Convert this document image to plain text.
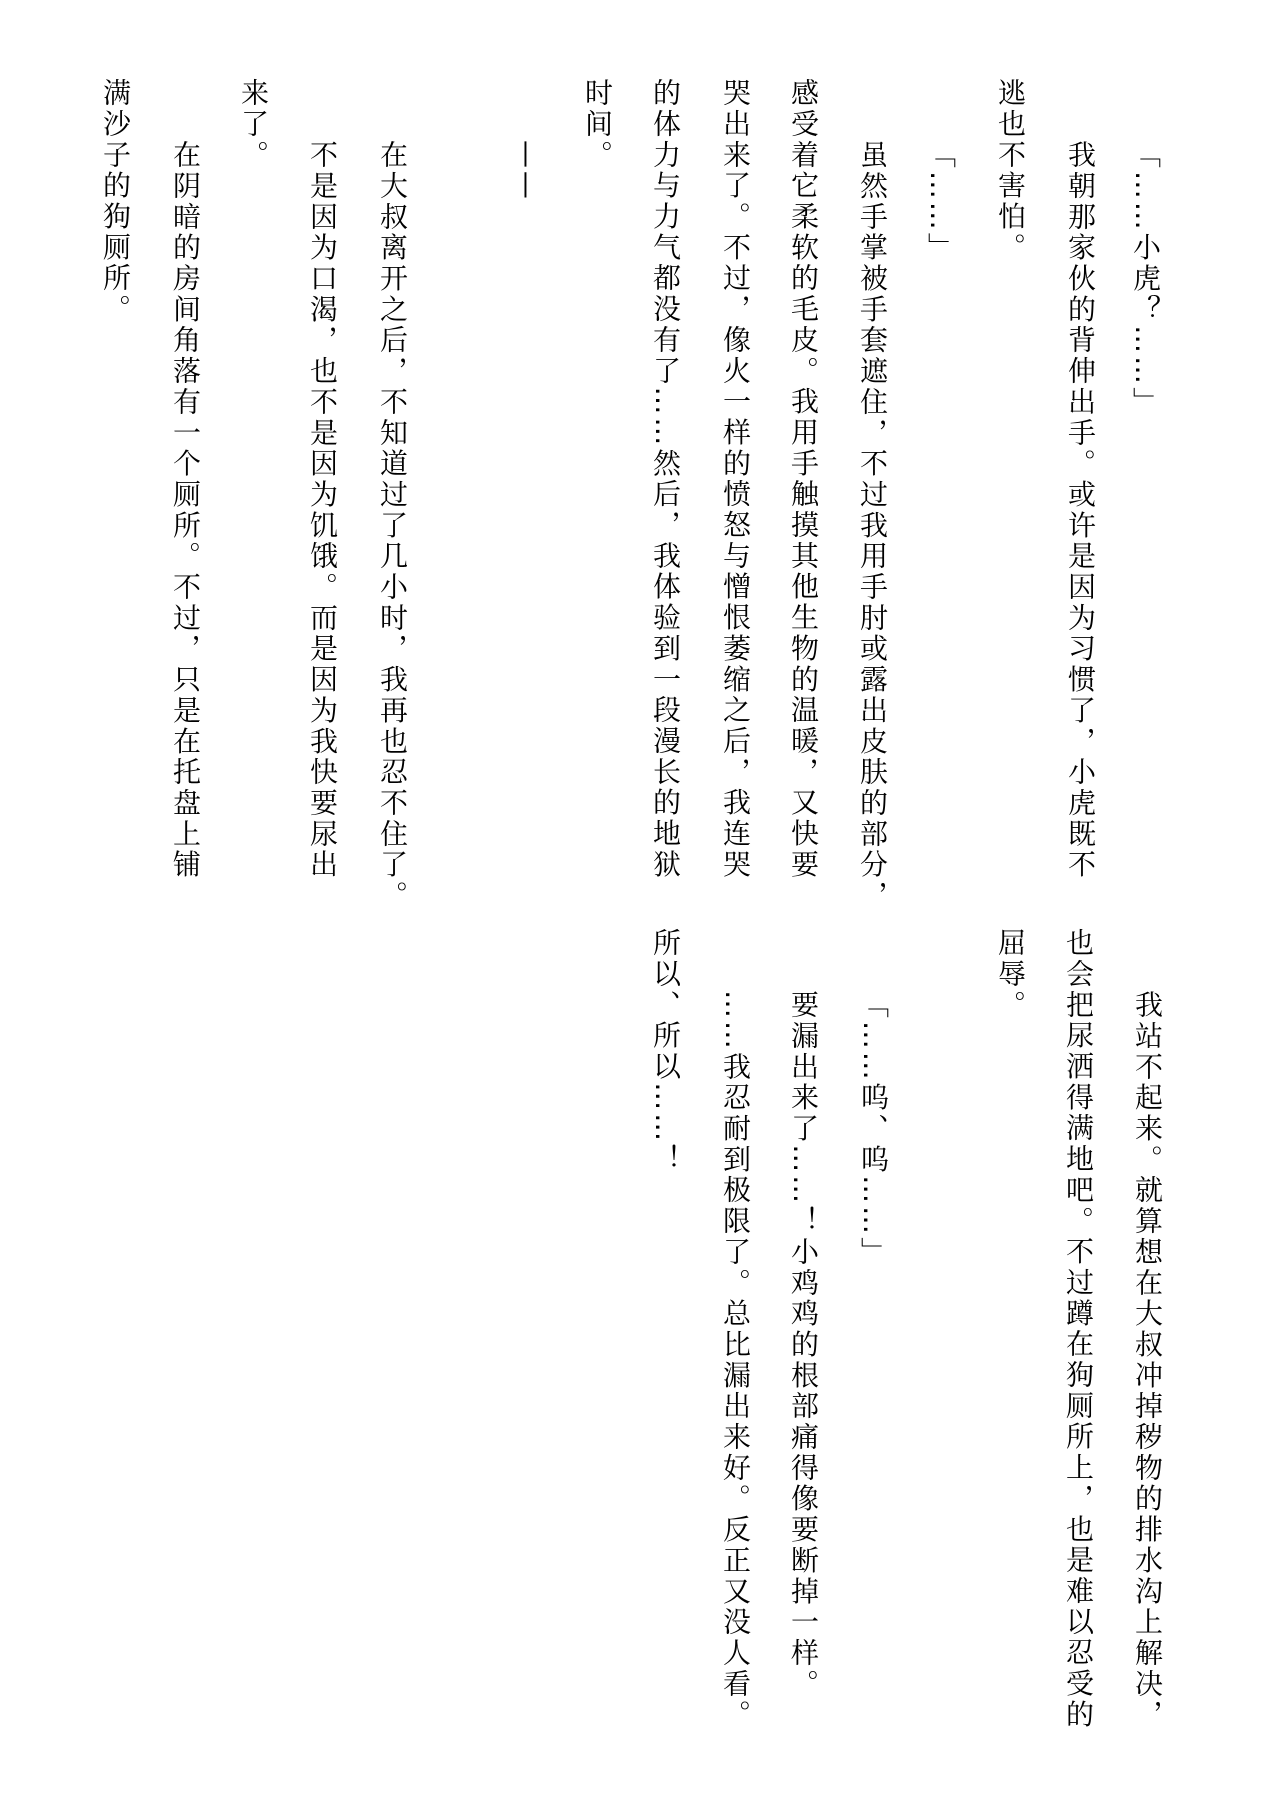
「……小虎？……」
我朝那家伙的背伸出手。或许是因为习惯了，小虎既不
逃也不害怕。
「……」
虽然手掌被手套遮住，不过我用手肘或露出皮肤的部分，
感受着它柔软的毛皮。我用手触摸其他生物的温暖，又快要
哭出来了。不过，像火一样的愤怒与憎恨萎缩之后，我连哭
的体力与力气都没有了……然后，我体验到一段漫长的地狱
时间。
——
在大叔离开之后，不知道过了几小时，我再也忍不住了。
不是因为口渴，也不是因为饥饿。而是因为我快要尿出
来了。
在阴暗的房间角落有一个厕所。不过，只是在托盘上铺
满沙子的狗厕所。
我站不起来。就算想在大叔冲掉秽物的排水沟上解决，
也会把尿洒得满地吧。不过蹲在狗厕所上，也是难以忍受的
屈辱。
「……呜、呜……」
要漏出来了……！小鸡鸡的根部痛得像要断掉一样。
……我忍耐到极限了。总比漏出来好。反正又没人看。
所以、所以……！
